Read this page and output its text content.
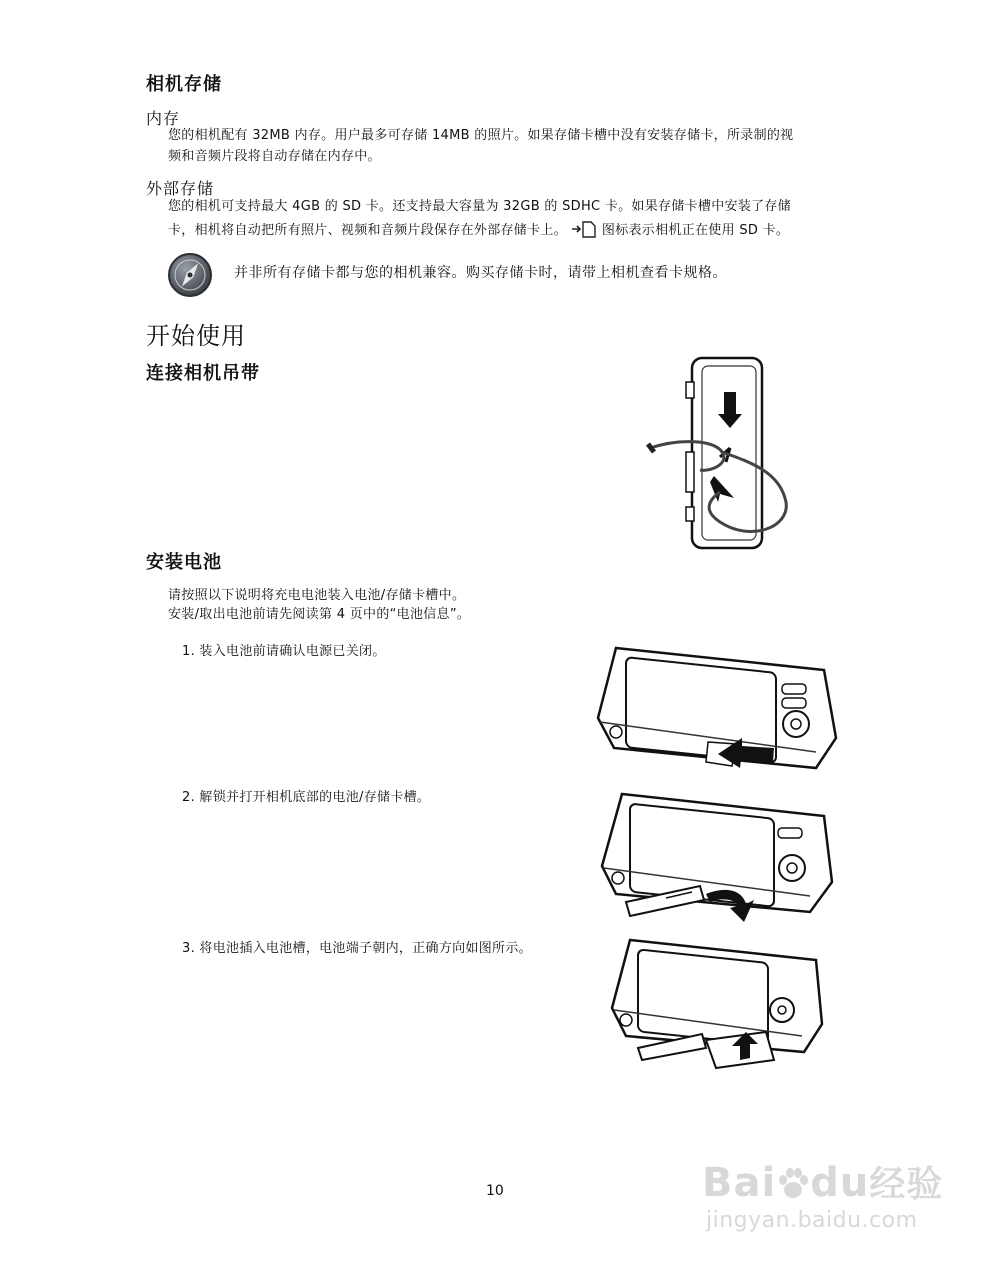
相机存储
内存
您的相机配有 32MB 内存。用户最多可存储 14MB 的照片。如果存储卡槽中没有安装存储卡，所录制的视
频和音频片段将自动存储在内存中。
外部存储
您的相机可支持最大 4GB 的 SD 卡。还支持最大容量为 32GB 的 SDHC 卡。如果存储卡槽中安装了存储
卡，相机将自动把所有照片、视频和音频片段保存在外部存储卡上。	图标表示相机正在使用 SD 卡。
并非所有存储卡都与您的相机兼容。购买存储卡时，请带上相机查看卡规格。
开始使用
连接相机吊带
安装电池
请按照以下说明将充电电池装入电池/存储卡槽中。
安装/取出电池前请先阅读第 4 页中的“电池信息”。
1. 装入电池前请确认电源已关闭。
2. 解锁并打开相机底部的电池/存储卡槽。
3. 将电池插入电池槽，电池端子朝内，正确方向如图所示。
10	Bai du经验
jingyan.baidu.com
